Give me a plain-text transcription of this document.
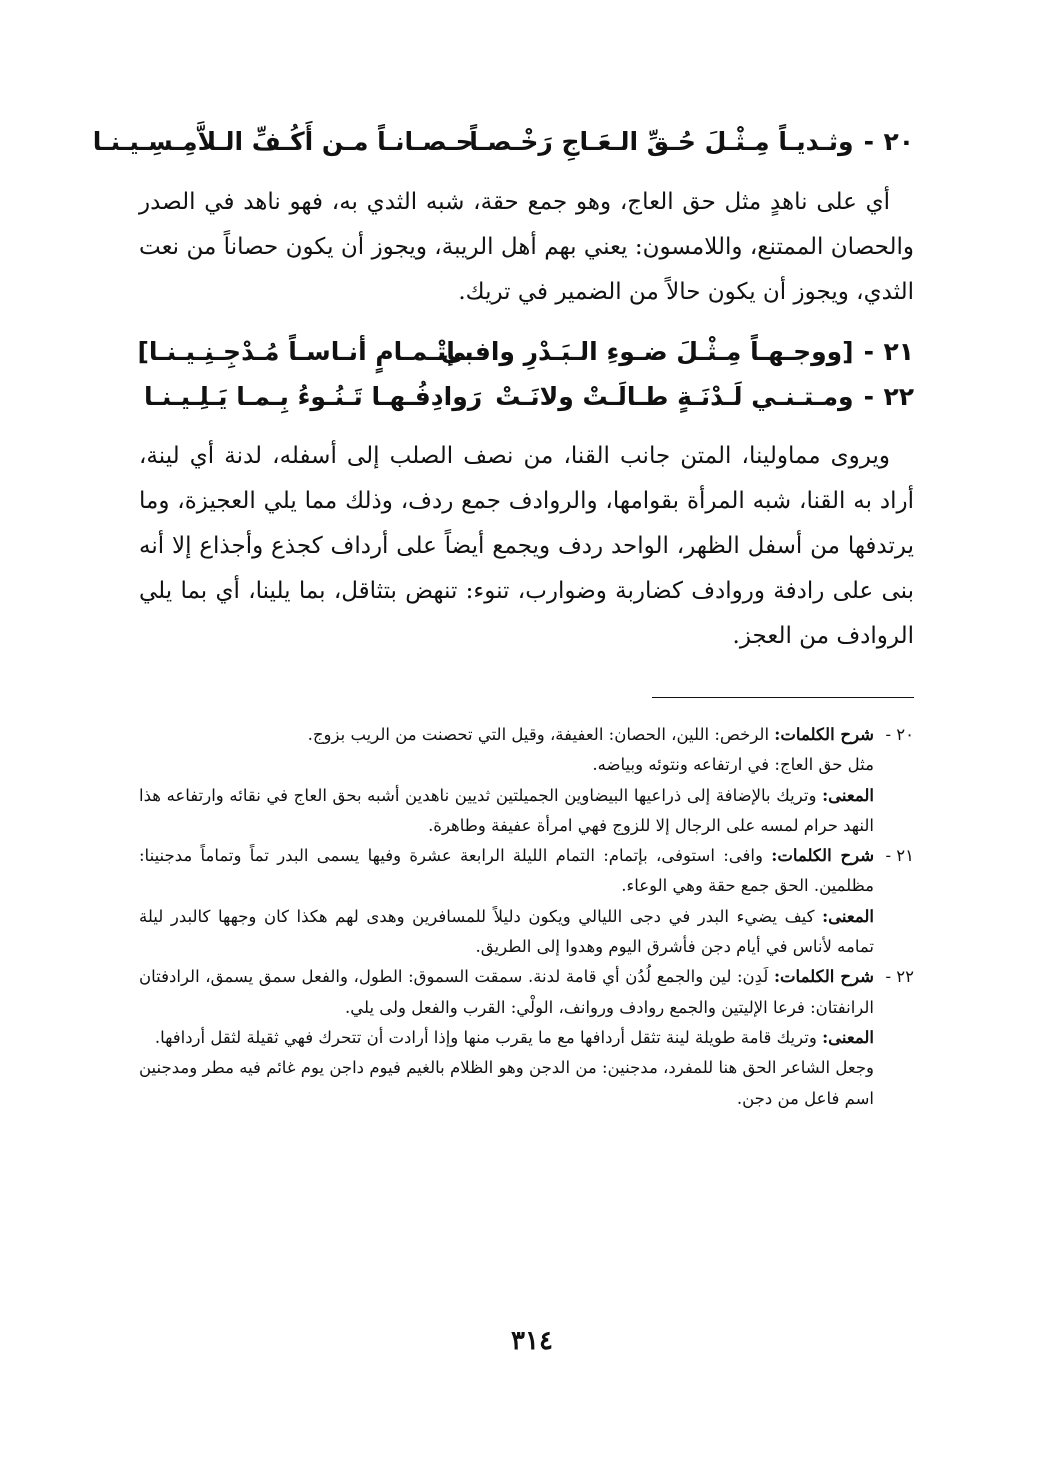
٢٠
-
وثـديـاً مِـثْـلَ حُـقِّ الـعَـاجِ رَخْـصـاً
حـصـانـاً مـن أَكُـفِّ الـلاَّمِـسِـيـنـا

أي على ناهدٍ مثل حق العاج، وهو جمع حقة، شبه الثدي به، فهو ناهد في الصدر والحصان الممتنع، واللامسون: يعني بهم أهل الريبة، ويجوز أن يكون حصاناً من نعت الثدي، ويجوز أن يكون حالاً من الضمير في تريك.

٢١
-
[ووجـهـاً مِـثْـلَ ضـوءِ الـبَـدْرِ وافـى
بـإتْـمـامٍ أنـاسـاً مُـدْجِـنِـيـنـا]
٢٢
-
ومـتـنـي لَـدْنَـةٍ طـالَـتْ ولانَـتْ
رَوادِفُـهـا تَـنُـوءُ بِـمـا يَـلِـيـنـا

ويروى مماولينا، المتن جانب القنا، من نصف الصلب إلى أسفله، لدنة أي لينة، أراد به القنا، شبه المرأة بقوامها، والروادف جمع ردف، وذلك مما يلي العجيزة، وما يرتدفها من أسفل الظهر، الواحد ردف ويجمع أيضاً على أرداف كجذع وأجذاع إلا أنه بنى على رادفة وروادف كضاربة وضوارب، تنوء: تنهض بتثاقل، بما يلينا، أي بما يلي الروادف من العجز.

٢٠ -
شرح الكلمات: الرخص: اللين، الحصان: العفيفة، وقيل التي تحصنت من الريب بزوج.
مثل حق العاج: في ارتفاعه ونتوئه وبياضه.
المعنى: وتريك بالإضافة إلى ذراعيها البيضاوين الجميلتين ثديين ناهدين أشبه بحق العاج في نقائه وارتفاعه هذا النهد حرام لمسه على الرجال إلا للزوج فهي امرأة عفيفة وطاهرة.
٢١ -
شرح الكلمات: وافى: استوفى، بإتمام: التمام الليلة الرابعة عشرة وفيها يسمى البدر تماً وتماماً مدجنينا: مظلمين. الحق جمع حقة وهي الوعاء.
المعنى: كيف يضيء البدر في دجى الليالي ويكون دليلاً للمسافرين وهدى لهم هكذا كان وجهها كالبدر ليلة تمامه لأناس في أيام دجن فأشرق اليوم وهدوا إلى الطريق.
٢٢ -
شرح الكلمات: لَدِن: لين والجمع لُدُن أي قامة لدنة. سمقت السموق: الطول، والفعل سمق يسمق، الرادفتان الرانفتان: فرعا الإليتين والجمع روادف وروانف، الولْي: القرب والفعل ولى يلي.
المعنى: وتريك قامة طويلة لينة تثقل أردافها مع ما يقرب منها وإذا أرادت أن تتحرك فهي ثقيلة لثقل أردافها.
وجعل الشاعر الحق هنا للمفرد، مدجنين: من الدجن وهو الظلام بالغيم فيوم داجن يوم غائم فيه مطر ومدجنين اسم فاعل من دجن.
٣١٤
